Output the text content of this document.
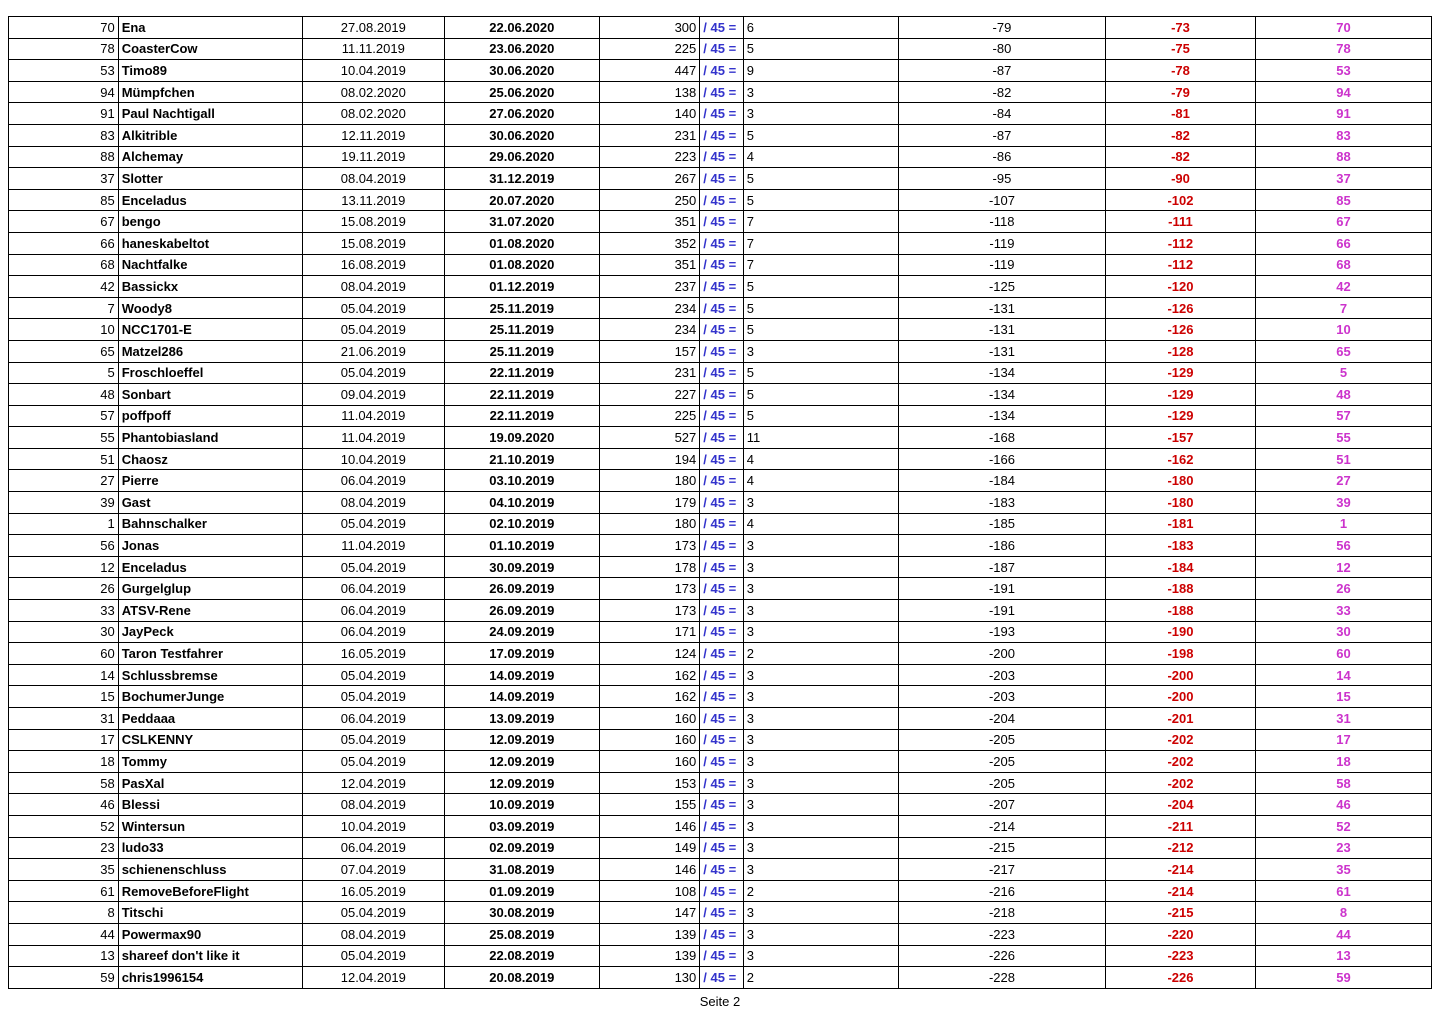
70	Ena	27.08.2019	22.06.2020	300	/ 45 =	6	-79	-73	70
78	CoasterCow	11.11.2019	23.06.2020	225	/ 45 =	5	-80	-75	78
53	Timo89	10.04.2019	30.06.2020	447	/ 45 =	9	-87	-78	53
94	Mümpfchen	08.02.2020	25.06.2020	138	/ 45 =	3	-82	-79	94
91	Paul Nachtigall	08.02.2020	27.06.2020	140	/ 45 =	3	-84	-81	91
83	Alkitrible	12.11.2019	30.06.2020	231	/ 45 =	5	-87	-82	83
88	Alchemay	19.11.2019	29.06.2020	223	/ 45 =	4	-86	-82	88
37	Slotter	08.04.2019	31.12.2019	267	/ 45 =	5	-95	-90	37
85	Enceladus	13.11.2019	20.07.2020	250	/ 45 =	5	-107	-102	85
67	bengo	15.08.2019	31.07.2020	351	/ 45 =	7	-118	-111	67
66	haneskabeltot	15.08.2019	01.08.2020	352	/ 45 =	7	-119	-112	66
68	Nachtfalke	16.08.2019	01.08.2020	351	/ 45 =	7	-119	-112	68
42	Bassickx	08.04.2019	01.12.2019	237	/ 45 =	5	-125	-120	42
7	Woody8	05.04.2019	25.11.2019	234	/ 45 =	5	-131	-126	7
10	NCC1701-E	05.04.2019	25.11.2019	234	/ 45 =	5	-131	-126	10
65	Matzel286	21.06.2019	25.11.2019	157	/ 45 =	3	-131	-128	65
5	Froschloeffel	05.04.2019	22.11.2019	231	/ 45 =	5	-134	-129	5
48	Sonbart	09.04.2019	22.11.2019	227	/ 45 =	5	-134	-129	48
57	poffpoff	11.04.2019	22.11.2019	225	/ 45 =	5	-134	-129	57
55	Phantobiasland	11.04.2019	19.09.2020	527	/ 45 =	11	-168	-157	55
51	Chaosz	10.04.2019	21.10.2019	194	/ 45 =	4	-166	-162	51
27	Pierre	06.04.2019	03.10.2019	180	/ 45 =	4	-184	-180	27
39	Gast	08.04.2019	04.10.2019	179	/ 45 =	3	-183	-180	39
1	Bahnschalker	05.04.2019	02.10.2019	180	/ 45 =	4	-185	-181	1
56	Jonas	11.04.2019	01.10.2019	173	/ 45 =	3	-186	-183	56
12	Enceladus	05.04.2019	30.09.2019	178	/ 45 =	3	-187	-184	12
26	Gurgelglup	06.04.2019	26.09.2019	173	/ 45 =	3	-191	-188	26
33	ATSV-Rene	06.04.2019	26.09.2019	173	/ 45 =	3	-191	-188	33
30	JayPeck	06.04.2019	24.09.2019	171	/ 45 =	3	-193	-190	30
60	Taron Testfahrer	16.05.2019	17.09.2019	124	/ 45 =	2	-200	-198	60
14	Schlussbremse	05.04.2019	14.09.2019	162	/ 45 =	3	-203	-200	14
15	BochumerJunge	05.04.2019	14.09.2019	162	/ 45 =	3	-203	-200	15
31	Peddaaa	06.04.2019	13.09.2019	160	/ 45 =	3	-204	-201	31
17	CSLKENNY	05.04.2019	12.09.2019	160	/ 45 =	3	-205	-202	17
18	Tommy	05.04.2019	12.09.2019	160	/ 45 =	3	-205	-202	18
58	PasXal	12.04.2019	12.09.2019	153	/ 45 =	3	-205	-202	58
46	Blessi	08.04.2019	10.09.2019	155	/ 45 =	3	-207	-204	46
52	Wintersun	10.04.2019	03.09.2019	146	/ 45 =	3	-214	-211	52
23	ludo33	06.04.2019	02.09.2019	149	/ 45 =	3	-215	-212	23
35	schienenschluss	07.04.2019	31.08.2019	146	/ 45 =	3	-217	-214	35
61	RemoveBeforeFlight	16.05.2019	01.09.2019	108	/ 45 =	2	-216	-214	61
8	Titschi	05.04.2019	30.08.2019	147	/ 45 =	3	-218	-215	8
44	Powermax90	08.04.2019	25.08.2019	139	/ 45 =	3	-223	-220	44
13	shareef don't like it	05.04.2019	22.08.2019	139	/ 45 =	3	-226	-223	13
59	chris1996154	12.04.2019	20.08.2019	130	/ 45 =	2	-228	-226	59
Seite 2
